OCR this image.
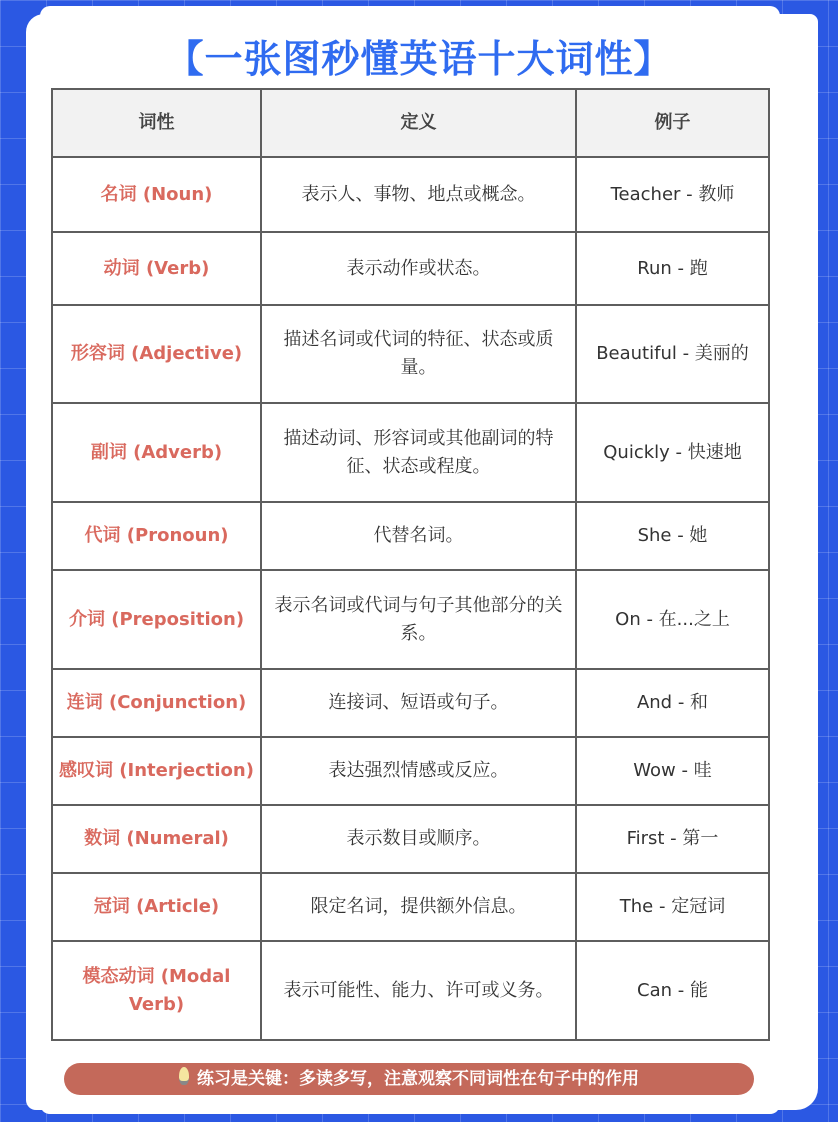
【一张图秒懂英语十大词性】
词性	定义	例子
名词 (Noun)	表示人、事物、地点或概念。	Teacher - 教师
动词 (Verb)	表示动作或状态。	Run - 跑
形容词 (Adjective)	描述名词或代词的特征、状态或质量。	Beautiful - 美丽的
副词 (Adverb)	描述动词、形容词或其他副词的特征、状态或程度。	Quickly - 快速地
代词 (Pronoun)	代替名词。	She - 她
介词 (Preposition)	表示名词或代词与句子其他部分的关系。	On - 在...之上
连词 (Conjunction)	连接词、短语或句子。	And - 和
感叹词 (Interjection)	表达强烈情感或反应。	Wow - 哇
数词 (Numeral)	表示数目或顺序。	First - 第一
冠词 (Article)	限定名词，提供额外信息。	The - 定冠词
模态动词 (Modal Verb)	表示可能性、能力、许可或义务。	Can - 能
练习是关键：多读多写，注意观察不同词性在句子中的作用
